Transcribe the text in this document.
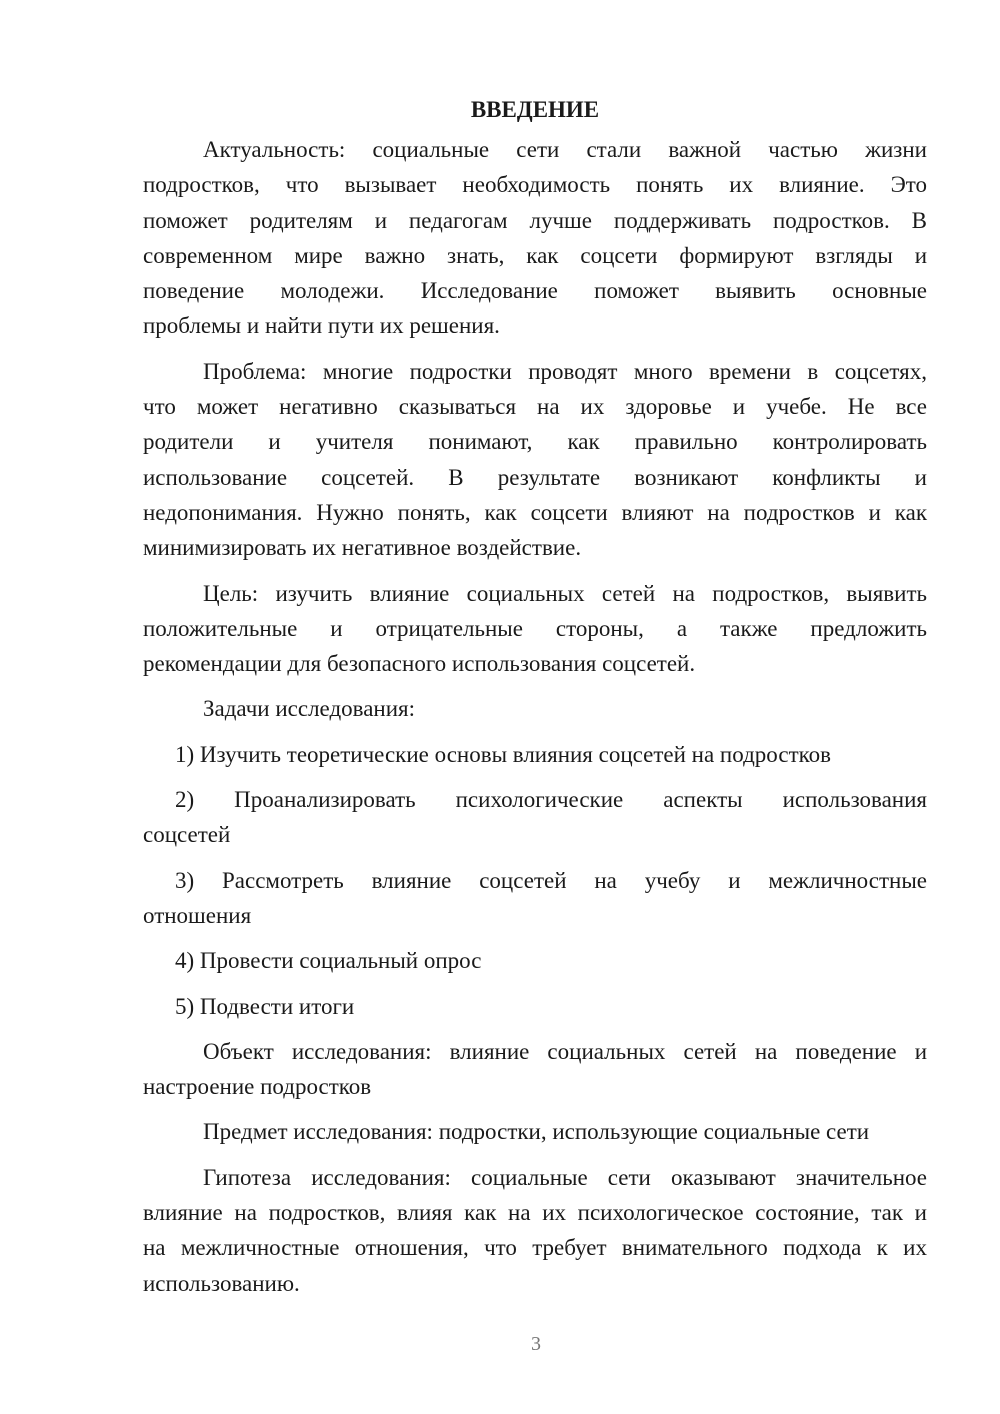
ВВЕДЕНИЕ
Актуальность: социальные сети стали важной частью жизни
подростков, что вызывает необходимость понять их влияние. Это
поможет родителям и педагогам лучше поддерживать подростков. В
современном мире важно знать, как соцсети формируют взгляды и
поведение молодежи. Исследование поможет выявить основные
проблемы и найти пути их решения.
Проблема: многие подростки проводят много времени в соцсетях,
что может негативно сказываться на их здоровье и учебе. Не все
родители и учителя понимают, как правильно контролировать
использование соцсетей. В результате возникают конфликты и
недопонимания. Нужно понять, как соцсети влияют на подростков и как
минимизировать их негативное воздействие.
Цель: изучить влияние социальных сетей на подростков, выявить
положительные и отрицательные стороны, а также предложить
рекомендации для безопасного использования соцсетей.
Задачи исследования:
1) Изучить теоретические основы влияния соцсетей на подростков
2) Проанализировать психологические аспекты использования
соцсетей
3) Рассмотреть влияние соцсетей на учебу и межличностные
отношения
4) Провести социальный опрос
5) Подвести итоги
Объект исследования: влияние социальных сетей на поведение и
настроение подростков
Предмет исследования: подростки, использующие социальные сети
Гипотеза исследования: социальные сети оказывают значительное
влияние на подростков, влияя как на их психологическое состояние, так и
на межличностные отношения, что требует внимательного подхода к их
использованию.
3
